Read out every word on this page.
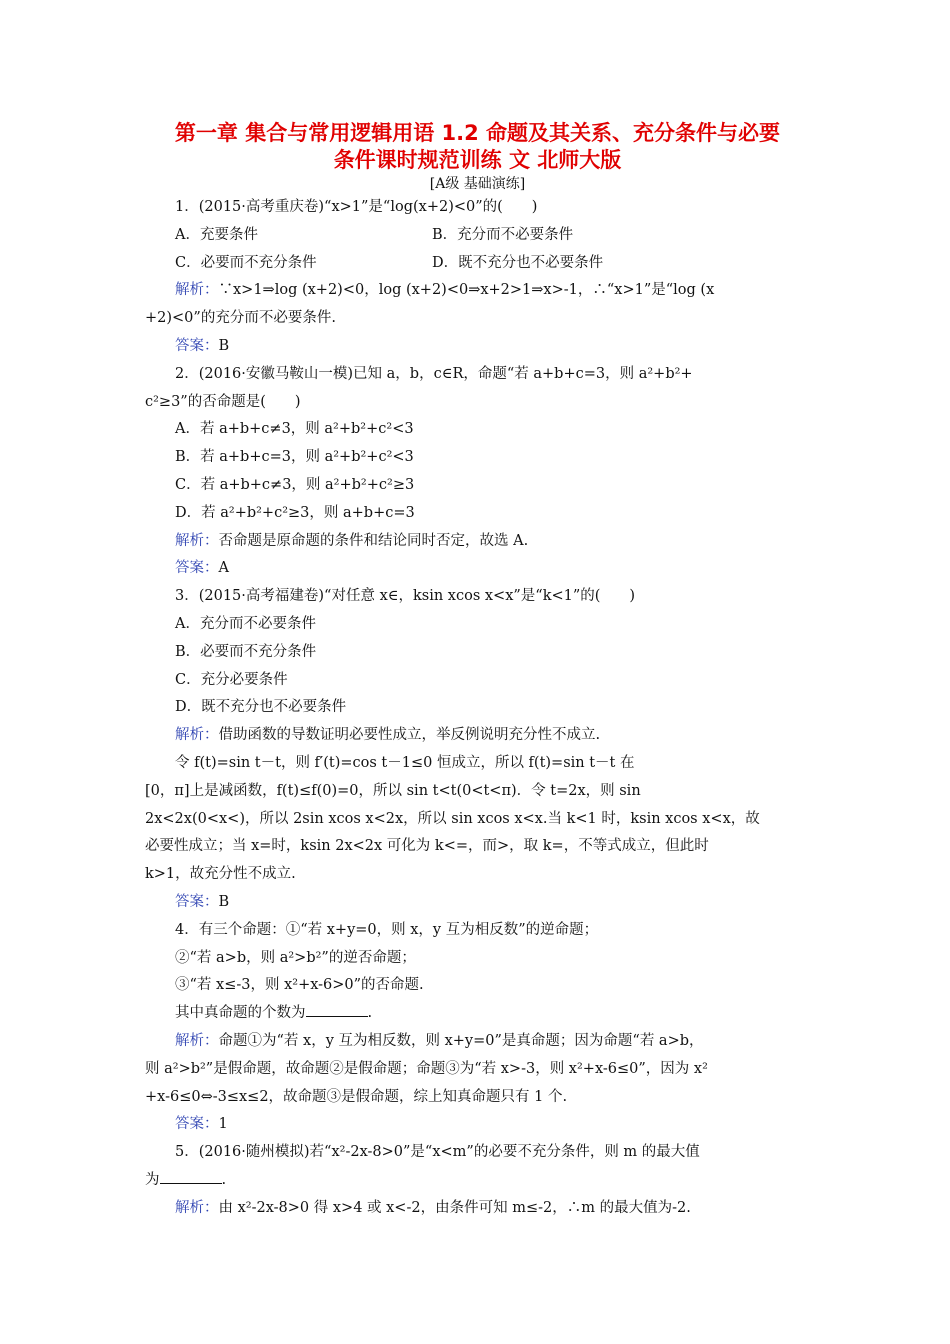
第一章 集合与常用逻辑用语 1.2 命题及其关系、充分条件与必要
条件课时规范训练 文 北师大版
[A级 基础演练]
1．(2015·高考重庆卷)“x>1”是“log(x+2)<0”的(　　)
A．充要条件	B．充分而不必要条件
C．必要而不充分条件	D．既不充分也不必要条件
解析：∵x>1⇒log (x+2)<0，log (x+2)<0⇒x+2>1⇒x>-1，∴“x>1”是“log (x
+2)<0”的充分而不必要条件.
答案：B
2．(2016·安徽马鞍山一模)已知 a，b，c∈R，命题“若 a+b+c=3，则 a²+b²+
c²≥3”的否命题是(　　)
A．若 a+b+c≠3，则 a²+b²+c²<3
B．若 a+b+c=3，则 a²+b²+c²<3
C．若 a+b+c≠3，则 a²+b²+c²≥3
D．若 a²+b²+c²≥3，则 a+b+c=3
解析：否命题是原命题的条件和结论同时否定，故选 A.
答案：A
3．(2015·高考福建卷)“对任意 x∈，ksin xcos x<x”是“k<1”的(　　)
A．充分而不必要条件
B．必要而不充分条件
C．充分必要条件
D．既不充分也不必要条件
解析：借助函数的导数证明必要性成立，举反例说明充分性不成立.
令 f(t)=sin t－t，则 f′(t)=cos t－1≤0 恒成立，所以 f(t)=sin t－t 在
[0，π]上是减函数，f(t)≤f(0)=0，所以 sin t<t(0<t<π)．令 t=2x，则 sin
2x<2x(0<x<)，所以 2sin xcos x<2x，所以 sin xcos x<x.当 k<1 时，ksin xcos x<x，故
必要性成立；当 x=时，ksin 2x<2x 可化为 k<=，而>，取 k=，不等式成立，但此时
k>1，故充分性不成立.
答案：B
4．有三个命题：①“若 x+y=0，则 x，y 互为相反数”的逆命题；
②“若 a>b，则 a²>b²”的逆否命题；
③“若 x≤-3，则 x²+x-6>0”的否命题.
其中真命题的个数为	.
解析：命题①为“若 x，y 互为相反数，则 x+y=0”是真命题；因为命题“若 a>b，
则 a²>b²”是假命题，故命题②是假命题；命题③为“若 x>-3，则 x²+x-6≤0”，因为 x²
+x-6≤0⇔-3≤x≤2，故命题③是假命题，综上知真命题只有 1 个.
答案：1
5．(2016·随州模拟)若“x²-2x-8>0”是“x<m”的必要不充分条件，则 m 的最大值
为	.
解析：由 x²-2x-8>0 得 x>4 或 x<-2，由条件可知 m≤-2，∴m 的最大值为-2.
